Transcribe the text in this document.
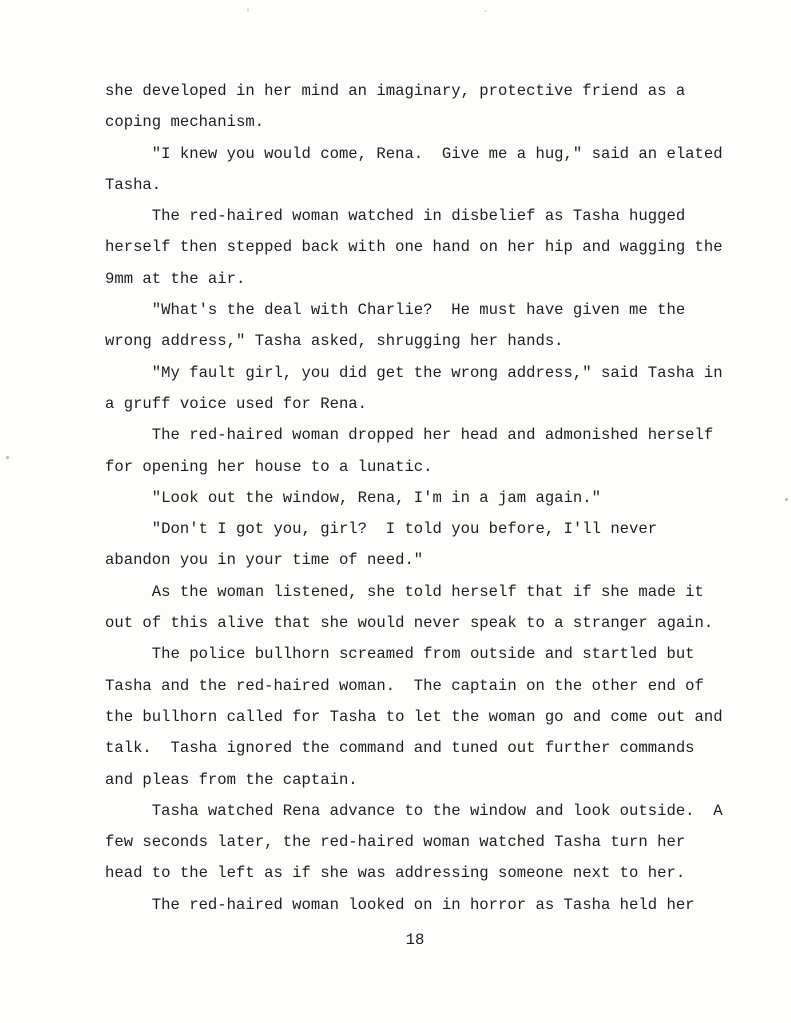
she developed in her mind an imaginary, protective friend as a
coping mechanism.
"I knew you would come, Rena.  Give me a hug," said an elated
Tasha.
The red-haired woman watched in disbelief as Tasha hugged
herself then stepped back with one hand on her hip and wagging the
9mm at the air.
"What's the deal with Charlie?  He must have given me the
wrong address," Tasha asked, shrugging her hands.
"My fault girl, you did get the wrong address," said Tasha in
a gruff voice used for Rena.
The red-haired woman dropped her head and admonished herself
for opening her house to a lunatic.
"Look out the window, Rena, I'm in a jam again."
"Don't I got you, girl?  I told you before, I'll never
abandon you in your time of need."
As the woman listened, she told herself that if she made it
out of this alive that she would never speak to a stranger again.
The police bullhorn screamed from outside and startled but
Tasha and the red-haired woman.  The captain on the other end of
the bullhorn called for Tasha to let the woman go and come out and
talk.  Tasha ignored the command and tuned out further commands
and pleas from the captain.
Tasha watched Rena advance to the window and look outside.  A
few seconds later, the red-haired woman watched Tasha turn her
head to the left as if she was addressing someone next to her.
The red-haired woman looked on in horror as Tasha held her
18
